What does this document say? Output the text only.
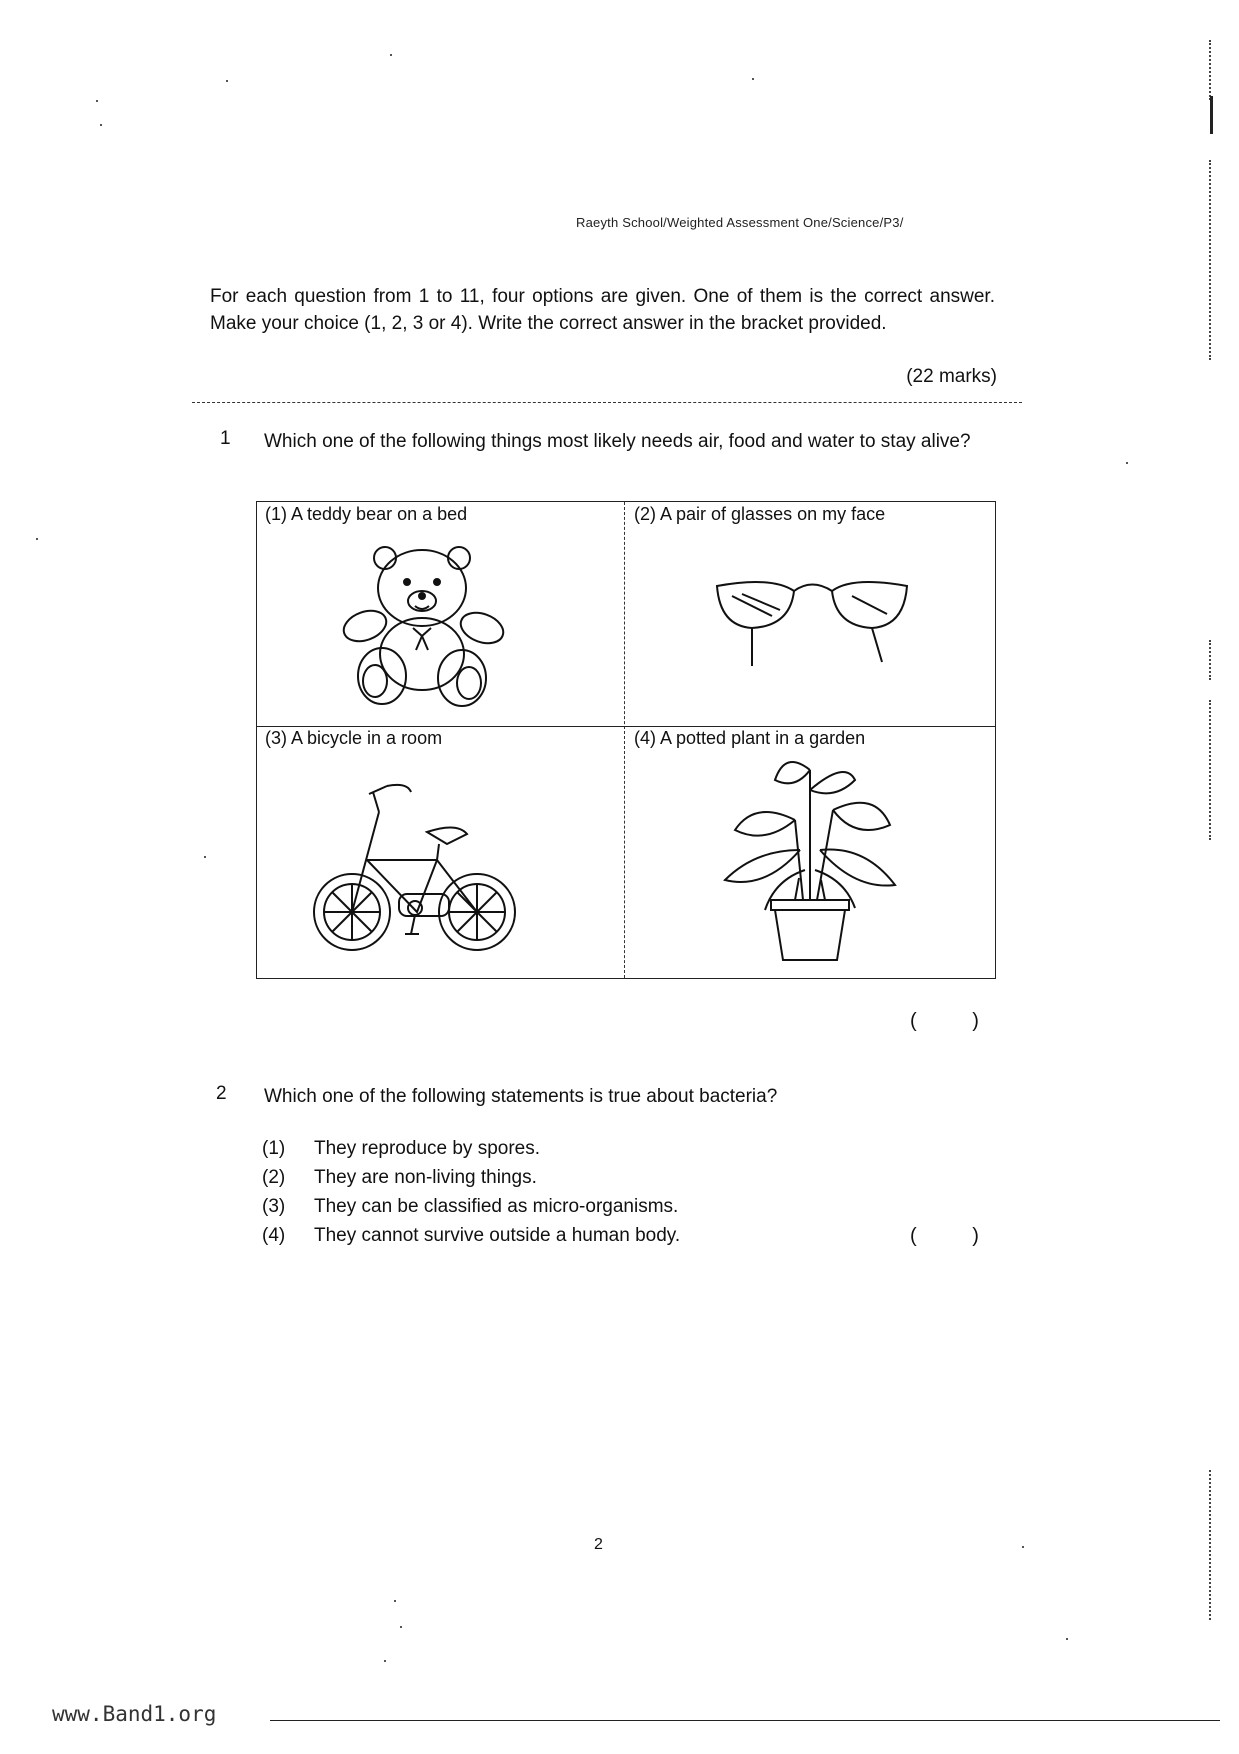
Raeyth School/Weighted Assessment One/Science/P3/
For each question from 1 to 11, four options are given. One of them is the correct answer. Make your choice (1, 2, 3 or 4). Write the correct answer in the bracket provided.
(22 marks)
1 Which one of the following things most likely needs air, food and water to stay alive?
(1) A teddy bear on a bed	(2) A pair of glasses on my face
(3) A bicycle in a room	(4) A potted plant in a garden
(          )
2 Which one of the following statements is true about bacteria?
(1) They reproduce by spores.
(2) They are non-living things.
(3) They can be classified as micro-organisms.
(4) They cannot survive outside a human body.	(          )
2
www.Band1.org
